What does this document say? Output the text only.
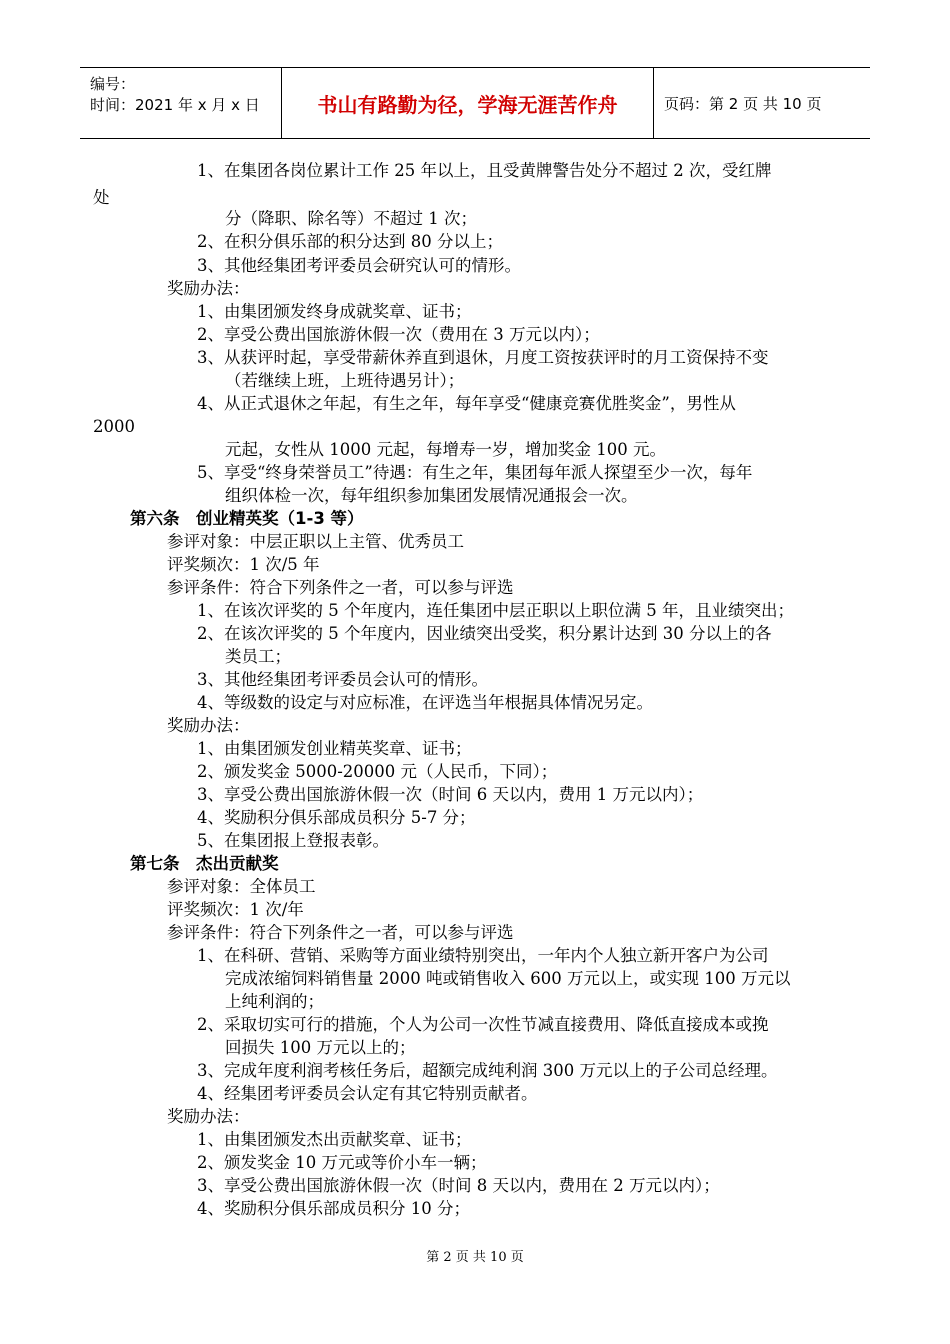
编号：
时间：2021 年 x 月 x 日	书山有路勤为径，学海无涯苦作舟	页码：第 2 页 共 10 页
1、在集团各岗位累计工作 25 年以上，且受黄牌警告处分不超过 2 次，受红牌
处
分（降职、除名等）不超过 1 次；
2、在积分俱乐部的积分达到 80 分以上；
3、其他经集团考评委员会研究认可的情形。
奖励办法：
1、由集团颁发终身成就奖章、证书；
2、享受公费出国旅游休假一次（费用在 3 万元以内）；
3、从获评时起，享受带薪休养直到退休，月度工资按获评时的月工资保持不变
（若继续上班，上班待遇另计）；
4、从正式退休之年起，有生之年，每年享受“健康竞赛优胜奖金”，男性从
2000
元起，女性从 1000 元起，每增寿一岁，增加奖金 100 元。
5、享受“终身荣誉员工”待遇：有生之年，集团每年派人探望至少一次，每年
组织体检一次，每年组织参加集团发展情况通报会一次。
第六条　创业精英奖（1-3 等）
参评对象：中层正职以上主管、优秀员工
评奖频次：1 次/5 年
参评条件：符合下列条件之一者，可以参与评选
1、在该次评奖的 5 个年度内，连任集团中层正职以上职位满 5 年，且业绩突出；
2、在该次评奖的 5 个年度内，因业绩突出受奖，积分累计达到 30 分以上的各
类员工；
3、其他经集团考评委员会认可的情形。
4、等级数的设定与对应标准，在评选当年根据具体情况另定。
奖励办法：
1、由集团颁发创业精英奖章、证书；
2、颁发奖金 5000-20000 元（人民币，下同）；
3、享受公费出国旅游休假一次（时间 6 天以内，费用 1 万元以内）；
4、奖励积分俱乐部成员积分 5-7 分；
5、在集团报上登报表彰。
第七条　杰出贡献奖
参评对象：全体员工
评奖频次：1 次/年
参评条件：符合下列条件之一者，可以参与评选
1、在科研、营销、采购等方面业绩特别突出，一年内个人独立新开客户为公司
完成浓缩饲料销售量 2000 吨或销售收入 600 万元以上，或实现 100 万元以
上纯利润的；
2、采取切实可行的措施，个人为公司一次性节减直接费用、降低直接成本或挽
回损失 100 万元以上的；
3、完成年度利润考核任务后，超额完成纯利润 300 万元以上的子公司总经理。
4、经集团考评委员会认定有其它特别贡献者。
奖励办法：
1、由集团颁发杰出贡献奖章、证书；
2、颁发奖金 10 万元或等价小车一辆；
3、享受公费出国旅游休假一次（时间 8 天以内，费用在 2 万元以内）；
4、奖励积分俱乐部成员积分 10 分；
第 2 页 共 10 页
